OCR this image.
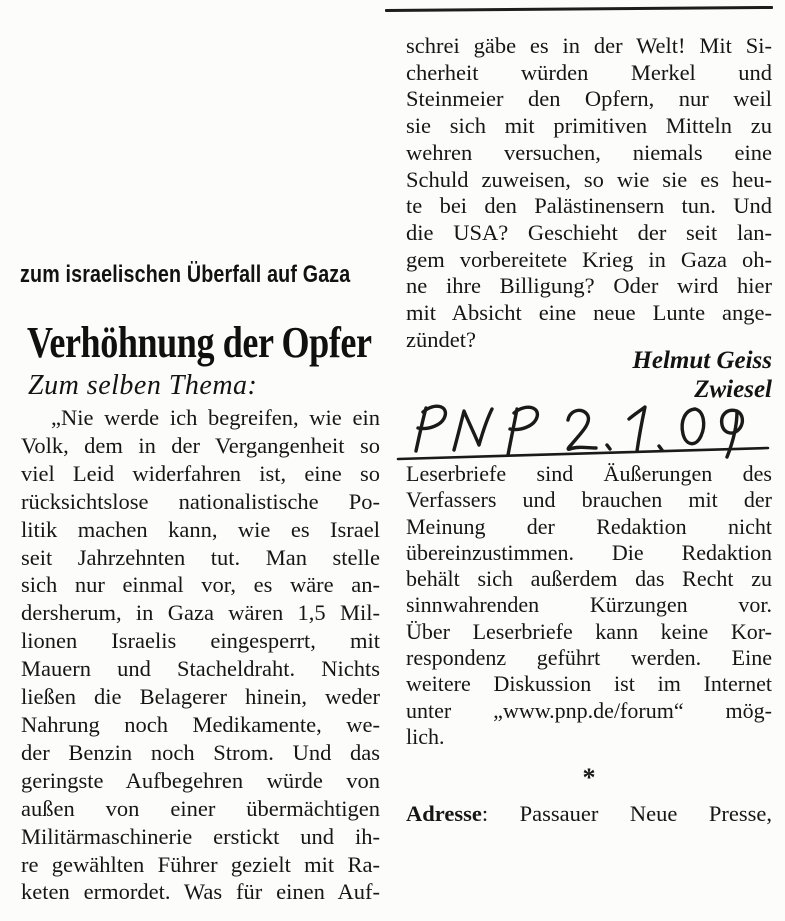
zum israelischen Überfall auf Gaza
Verhöhnung der Opfer
Zum selben Thema:
„Nie werde ich begreifen, wie ein
Volk, dem in der Vergangenheit so
viel Leid widerfahren ist, eine so
rücksichtslose nationalistische Po-
litik machen kann, wie es Israel
seit Jahrzehnten tut. Man stelle
sich nur einmal vor, es wäre an-
dersherum, in Gaza wären 1,5 Mil-
lionen Israelis eingesperrt, mit
Mauern und Stacheldraht. Nichts
ließen die Belagerer hinein, weder
Nahrung noch Medikamente, we-
der Benzin noch Strom. Und das
geringste Aufbegehren würde von
außen von einer übermächtigen
Militärmaschinerie erstickt und ih-
re gewählten Führer gezielt mit Ra-
keten ermordet. Was für einen Auf-
schrei gäbe es in der Welt! Mit Si-
cherheit würden Merkel und
Steinmeier den Opfern, nur weil
sie sich mit primitiven Mitteln zu
wehren versuchen, niemals eine
Schuld zuweisen, so wie sie es heu-
te bei den Palästinensern tun. Und
die USA? Geschieht der seit lan-
gem vorbereitete Krieg in Gaza oh-
ne ihre Billigung? Oder wird hier
mit Absicht eine neue Lunte ange-
zündet?
Helmut Geiss
Zwiesel
Leserbriefe sind Äußerungen des
Verfassers und brauchen mit der
Meinung der Redaktion nicht
übereinzustimmen. Die Redaktion
behält sich außerdem das Recht zu
sinnwahrenden Kürzungen vor.
Über Leserbriefe kann keine Kor-
respondenz geführt werden. Eine
weitere Diskussion ist im Internet
unter „www.pnp.de/forum“ mög-
lich.
*
Adresse: Passauer Neue Presse,
